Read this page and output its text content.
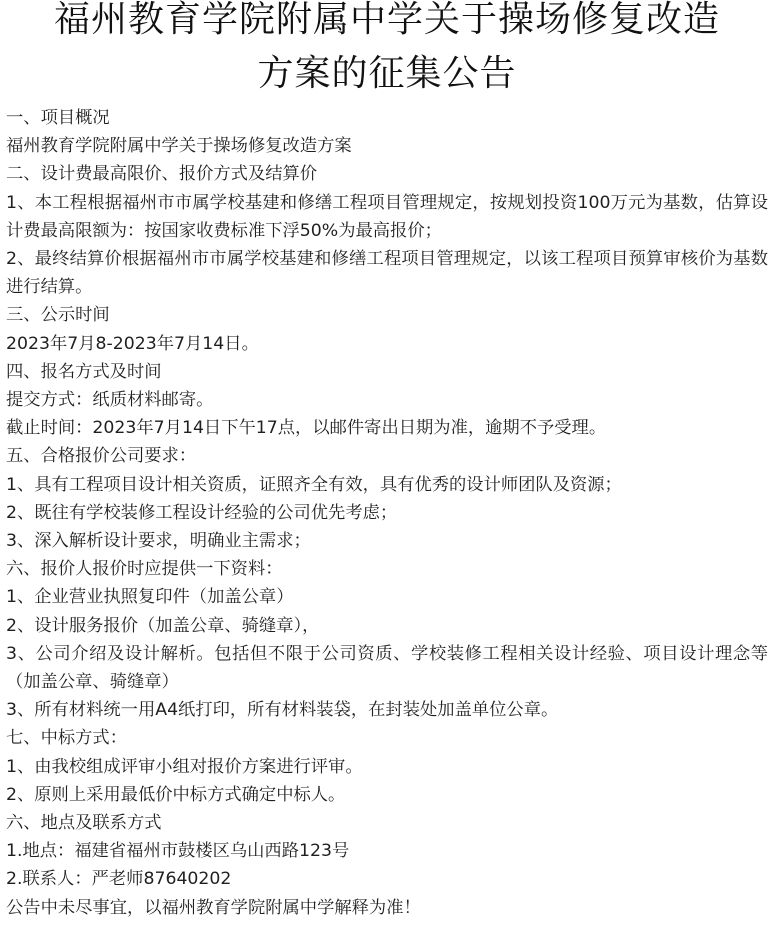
福州教育学院附属中学关于操场修复改造
方案的征集公告
一、项目概况
福州教育学院附属中学关于操场修复改造方案
二、设计费最高限价、报价方式及结算价
1、本工程根据福州市市属学校基建和修缮工程项目管理规定，按规划投资100万元为基数，估算设计费最高限额为：按国家收费标准下浮50%为最高报价；
2、最终结算价根据福州市市属学校基建和修缮工程项目管理规定，以该工程项目预算审核价为基数进行结算。
三、公示时间
2023年7月8-2023年7月14日。
四、报名方式及时间
提交方式：纸质材料邮寄。
截止时间：2023年7月14日下午17点，以邮件寄出日期为准，逾期不予受理。
五、合格报价公司要求：
1、具有工程项目设计相关资质，证照齐全有效，具有优秀的设计师团队及资源；
2、既往有学校装修工程设计经验的公司优先考虑；
3、深入解析设计要求，明确业主需求；
六、报价人报价时应提供一下资料：
1、企业营业执照复印件（加盖公章）
2、设计服务报价（加盖公章、骑缝章），
3、公司介绍及设计解析。包括但不限于公司资质、学校装修工程相关设计经验、项目设计理念等（加盖公章、骑缝章）
3、所有材料统一用A4纸打印，所有材料装袋，在封装处加盖单位公章。
七、中标方式：
1、由我校组成评审小组对报价方案进行评审。
2、原则上采用最低价中标方式确定中标人。
六、地点及联系方式
1.地点：福建省福州市鼓楼区乌山西路123号
2.联系人：严老师87640202
公告中未尽事宜，以福州教育学院附属中学解释为准！
